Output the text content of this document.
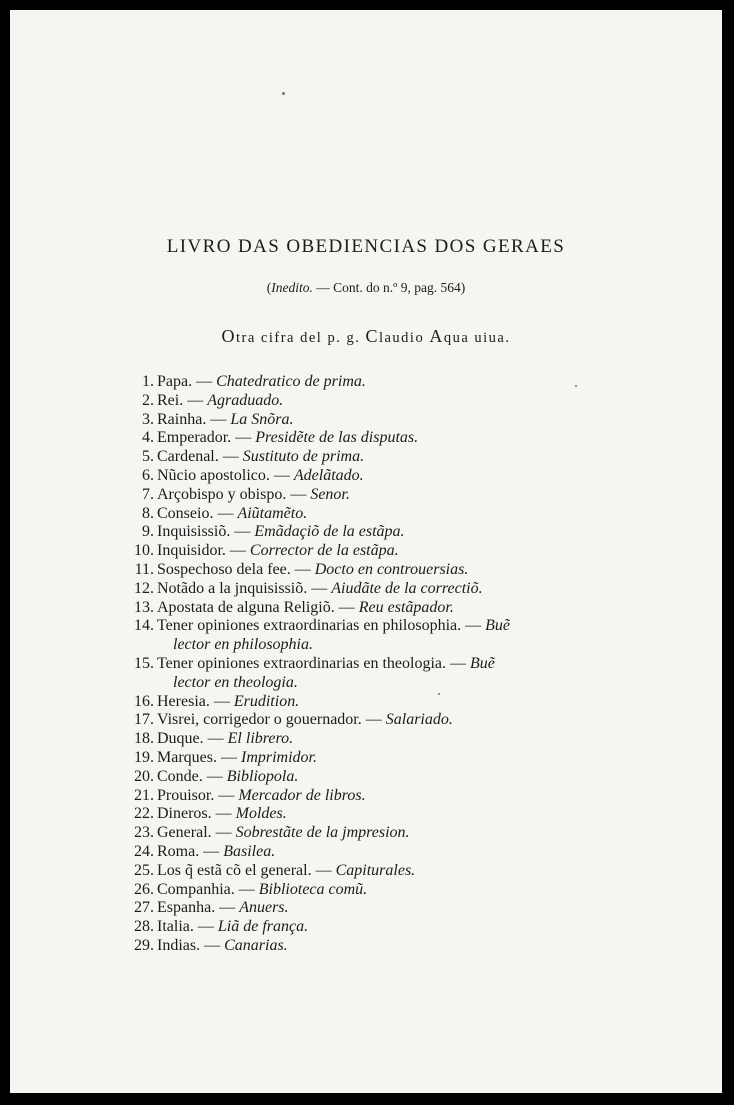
LIVRO DAS OBEDIENCIAS DOS GERAES
(Inedito. — Cont. do n.º 9, pag. 564)
Otra cifra del p. g. Claudio Aqua uiua.
1. Papa. — Chatedratico de prima.
2. Rei. — Agraduado.
3. Rainha. — La Snõra.
4. Emperador. — Presidẽte de las disputas.
5. Cardenal. — Sustituto de prima.
6. Nũcio apostolico. — Adelãtado.
7. Arçobispo y obispo. — Senor.
8. Conseio. — Aiũtamẽto.
9. Inquisissiõ. — Emãdaçiõ de la estãpa.
10. Inquisidor. — Corrector de la estãpa.
11. Sospechoso dela fee. — Docto en controuersias.
12. Notãdo a la jnquisissiõ. — Aiudãte de la correctiõ.
13. Apostata de alguna Religiõ. — Reu estãpador.
14. Tener opiniones extraordinarias en philosophia. — Buẽ
lector en philosophia.
15. Tener opiniones extraordinarias en theologia. — Buẽ
lector en theologia.
16. Heresia. — Erudition.
17. Visrei, corrigedor o gouernador. — Salariado.
18. Duque. — El librero.
19. Marques. — Imprimidor.
20. Conde. — Bibliopola.
21. Prouisor. — Mercador de libros.
22. Dineros. — Moldes.
23. General. — Sobrestãte de la jmpresion.
24. Roma. — Basilea.
25. Los q̃ estã cõ el general. — Capiturales.
26. Companhia. — Biblioteca comũ.
27. Espanha. — Anuers.
28. Italia. — Liã de frança.
29. Indias. — Canarias.
